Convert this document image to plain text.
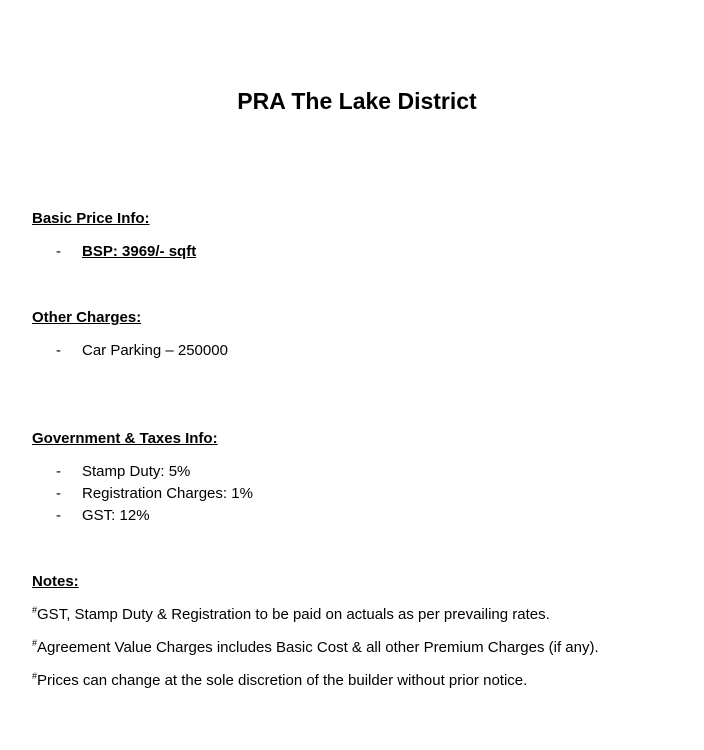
PRA The Lake District
Basic Price Info:
- BSP: 3969/- sqft
Other Charges:
- Car Parking – 250000
Government & Taxes Info:
- Stamp Duty: 5%
- Registration Charges: 1%
- GST: 12%
Notes:
#GST, Stamp Duty & Registration to be paid on actuals as per prevailing rates.
#Agreement Value Charges includes Basic Cost & all other Premium Charges (if any).
#Prices can change at the sole discretion of the builder without prior notice.
